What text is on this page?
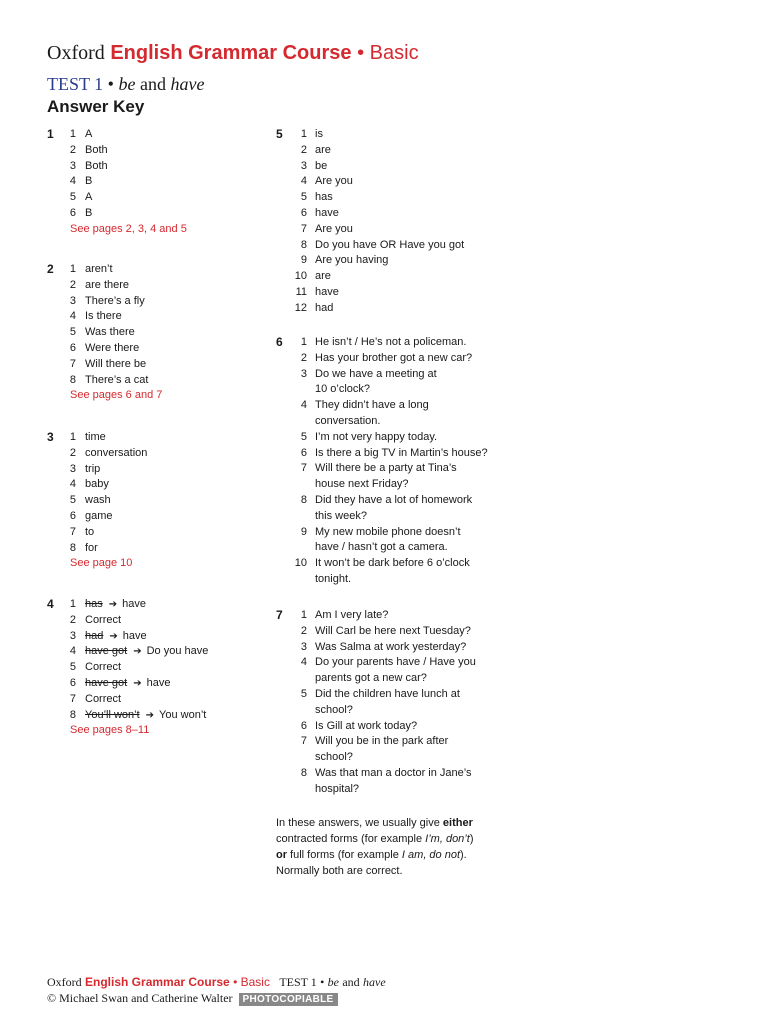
Oxford English Grammar Course • Basic
TEST 1 • be and have
Answer Key
1	1 A
2 Both
3 Both
4 B
5 A
6 B
See pages 2, 3, 4 and 5
2	1 aren’t
2 are there
3 There’s a fly
4 Is there
5 Was there
6 Were there
7 Will there be
8 There’s a cat
See pages 6 and 7
3	1 time
2 conversation
3 trip
4 baby
5 wash
6 game
7 to
8 for
See page 10
4	1 has ➔ have
2 Correct
3 had ➔ have
4 have got ➔ Do you have
5 Correct
6 have got ➔ have
7 Correct
8 You’ll won’t ➔ You won’t
See pages 8–11
5	1 is
2 are
3 be
4 Are you
5 has
6 have
7 Are you
8 Do you have OR Have you got
9 Are you having
10 are
11 have
12 had
6	1 He isn’t / He’s not a policeman.
2 Has your brother got a new car?
3 Do we have a meeting at
10 o’clock?
4 They didn’t have a long
conversation.
5 I’m not very happy today.
6 Is there a big TV in Martin’s house?
7 Will there be a party at Tina’s
house next Friday?
8 Did they have a lot of homework
this week?
9 My new mobile phone doesn’t
have / hasn’t got a camera.
10 It won’t be dark before 6 o’clock
tonight.
7	1 Am I very late?
2 Will Carl be here next Tuesday?
3 Was Salma at work yesterday?
4 Do your parents have / Have you
parents got a new car?
5 Did the children have lunch at
school?
6 Is Gill at work today?
7 Will you be in the park after
school?
8 Was that man a doctor in Jane’s
hospital?
In these answers, we usually give either
contracted forms (for example I’m, don’t)
or full forms (for example I am, do not).
Normally both are correct.
Oxford English Grammar Course • Basic TEST 1 • be and have
© Michael Swan and Catherine Walter PHOTOCOPIABLE
